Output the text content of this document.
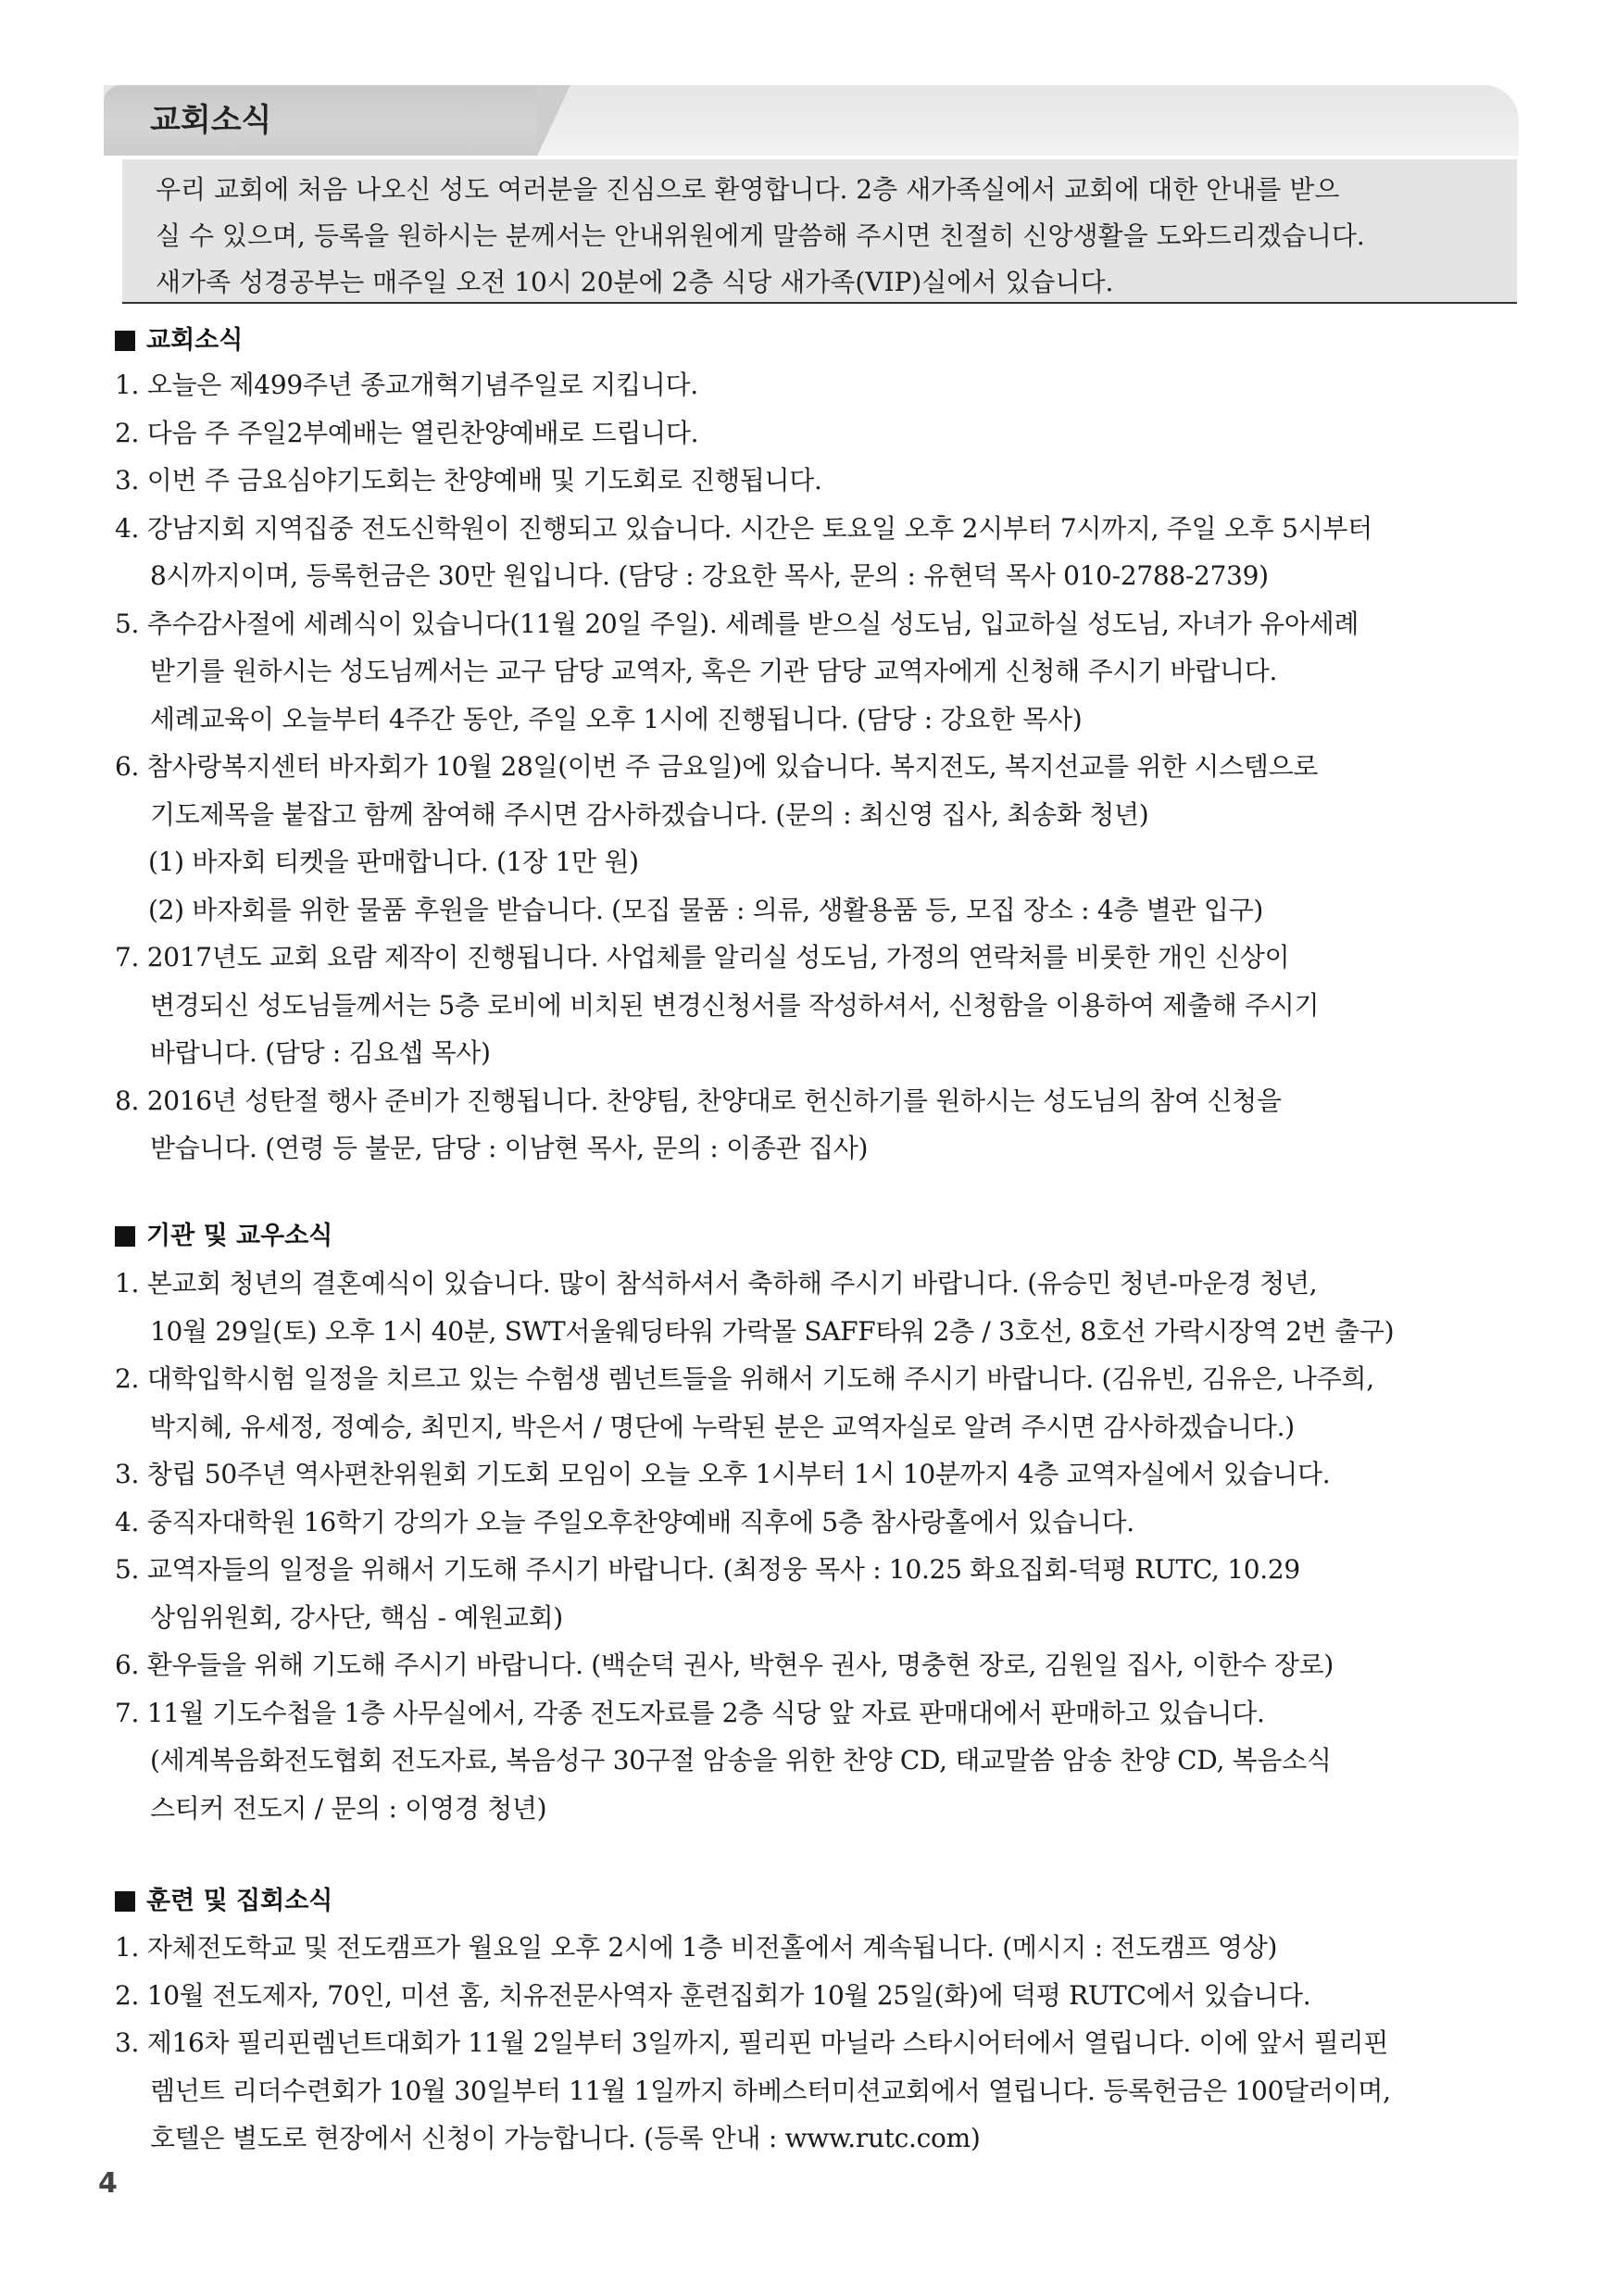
교회소식

우리 교회에 처음 나오신 성도 여러분을 진심으로 환영합니다. 2층 새가족실에서 교회에 대한 안내를 받으

실 수 있으며, 등록을 원하시는 분께서는 안내위원에게 말씀해 주시면 친절히 신앙생활을 도와드리겠습니다.

새가족 성경공부는 매주일 오전 10시 20분에 2층 식당 새가족(VIP)실에서 있습니다.

교회소식

1. 오늘은 제499주년 종교개혁기념주일로 지킵니다.

2. 다음 주 주일2부예배는 열린찬양예배로 드립니다.

3. 이번 주 금요심야기도회는 찬양예배 및 기도회로 진행됩니다.

4. 강남지회 지역집중 전도신학원이 진행되고 있습니다. 시간은 토요일 오후 2시부터 7시까지, 주일 오후 5시부터

8시까지이며, 등록헌금은 30만 원입니다. (담당 : 강요한 목사, 문의 : 유현덕 목사 010-2788-2739)

5. 추수감사절에 세례식이 있습니다(11월 20일 주일). 세례를 받으실 성도님, 입교하실 성도님, 자녀가 유아세례

받기를 원하시는 성도님께서는 교구 담당 교역자, 혹은 기관 담당 교역자에게 신청해 주시기 바랍니다.

세례교육이 오늘부터 4주간 동안, 주일 오후 1시에 진행됩니다. (담당 : 강요한 목사)

6. 참사랑복지센터 바자회가 10월 28일(이번 주 금요일)에 있습니다. 복지전도, 복지선교를 위한 시스템으로

기도제목을 붙잡고 함께 참여해 주시면 감사하겠습니다. (문의 : 최신영 집사, 최송화 청년)

(1) 바자회 티켓을 판매합니다. (1장 1만 원)

(2) 바자회를 위한 물품 후원을 받습니다. (모집 물품 : 의류, 생활용품 등, 모집 장소 : 4층 별관 입구)

7. 2017년도 교회 요람 제작이 진행됩니다. 사업체를 알리실 성도님, 가정의 연락처를 비롯한 개인 신상이

변경되신 성도님들께서는 5층 로비에 비치된 변경신청서를 작성하셔서, 신청함을 이용하여 제출해 주시기

바랍니다. (담당 : 김요셉 목사)

8. 2016년 성탄절 행사 준비가 진행됩니다. 찬양팀, 찬양대로 헌신하기를 원하시는 성도님의 참여 신청을

받습니다. (연령 등 불문, 담당 : 이남현 목사, 문의 : 이종관 집사)

기관 및 교우소식

1. 본교회 청년의 결혼예식이 있습니다. 많이 참석하셔서 축하해 주시기 바랍니다. (유승민 청년-마운경 청년,

10월 29일(토) 오후 1시 40분, SWT서울웨딩타워 가락몰 SAFF타워 2층 / 3호선, 8호선 가락시장역 2번 출구)

2. 대학입학시험 일정을 치르고 있는 수험생 렘넌트들을 위해서 기도해 주시기 바랍니다. (김유빈, 김유은, 나주희,

박지혜, 유세정, 정예승, 최민지, 박은서 / 명단에 누락된 분은 교역자실로 알려 주시면 감사하겠습니다.)

3. 창립 50주년 역사편찬위원회 기도회 모임이 오늘 오후 1시부터 1시 10분까지 4층 교역자실에서 있습니다.

4. 중직자대학원 16학기 강의가 오늘 주일오후찬양예배 직후에 5층 참사랑홀에서 있습니다.

5. 교역자들의 일정을 위해서 기도해 주시기 바랍니다. (최정웅 목사 : 10.25 화요집회-덕평 RUTC, 10.29

상임위원회, 강사단, 핵심 - 예원교회)

6. 환우들을 위해 기도해 주시기 바랍니다. (백순덕 권사, 박현우 권사, 명충현 장로, 김원일 집사, 이한수 장로)

7. 11월 기도수첩을 1층 사무실에서, 각종 전도자료를 2층 식당 앞 자료 판매대에서 판매하고 있습니다.

(세계복음화전도협회 전도자료, 복음성구 30구절 암송을 위한 찬양 CD, 태교말씀 암송 찬양 CD, 복음소식

스티커 전도지 / 문의 : 이영경 청년)

훈련 및 집회소식

1. 자체전도학교 및 전도캠프가 월요일 오후 2시에 1층 비전홀에서 계속됩니다. (메시지 : 전도캠프 영상)

2. 10월 전도제자, 70인, 미션 홈, 치유전문사역자 훈련집회가 10월 25일(화)에 덕평 RUTC에서 있습니다.

3. 제16차 필리핀렘넌트대회가 11월 2일부터 3일까지, 필리핀 마닐라 스타시어터에서 열립니다. 이에 앞서 필리핀

렘넌트 리더수련회가 10월 30일부터 11월 1일까지 하베스터미션교회에서 열립니다. 등록헌금은 100달러이며,

호텔은 별도로 현장에서 신청이 가능합니다. (등록 안내 : www.rutc.com)

4
